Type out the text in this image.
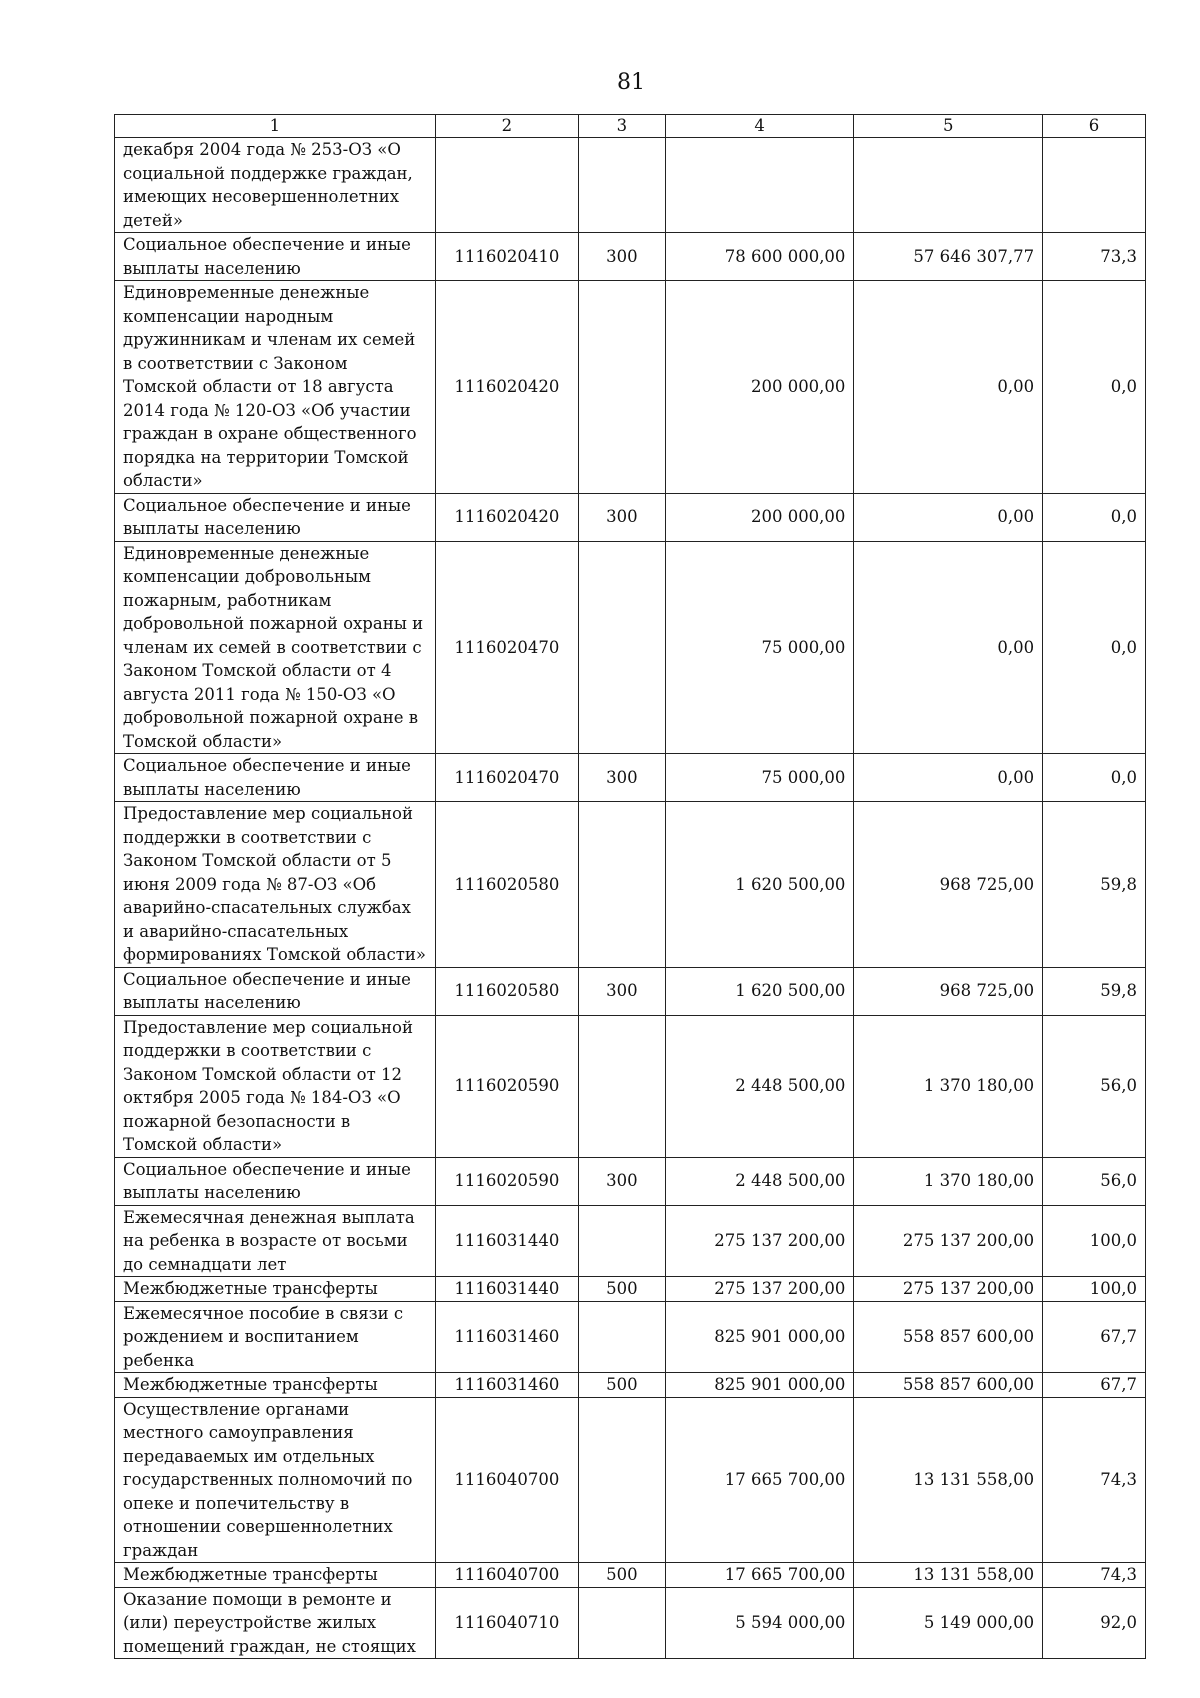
81
1	2	3	4	5	6
декабря 2004 года № 253-ОЗ «О социальной поддержке граждан, имеющих несовершеннолетних детей»					
Социальное обеспечение и иные выплаты населению	1116020410	300	78 600 000,00	57 646 307,77	73,3
Единовременные денежные компенсации народным дружинникам и членам их семей в соответствии с Законом Томской области от 18 августа 2014 года № 120-ОЗ «Об участии граждан в охране общественного порядка на территории Томской области»	1116020420		200 000,00	0,00	0,0
Социальное обеспечение и иные выплаты населению	1116020420	300	200 000,00	0,00	0,0
Единовременные денежные компенсации добровольным пожарным, работникам добровольной пожарной охраны и членам их семей в соответствии с Законом Томской области от 4 августа 2011 года № 150-ОЗ «О добровольной пожарной охране в Томской области»	1116020470		75 000,00	0,00	0,0
Социальное обеспечение и иные выплаты населению	1116020470	300	75 000,00	0,00	0,0
Предоставление мер социальной поддержки в соответствии с Законом Томской области от 5 июня 2009 года № 87-ОЗ «Об аварийно-спасательных службах и аварийно-спасательных формированиях Томской области»	1116020580		1 620 500,00	968 725,00	59,8
Социальное обеспечение и иные выплаты населению	1116020580	300	1 620 500,00	968 725,00	59,8
Предоставление мер социальной поддержки в соответствии с Законом Томской области от 12 октября 2005 года № 184-ОЗ «О пожарной безопасности в Томской области»	1116020590		2 448 500,00	1 370 180,00	56,0
Социальное обеспечение и иные выплаты населению	1116020590	300	2 448 500,00	1 370 180,00	56,0
Ежемесячная денежная выплата на ребенка в возрасте от восьми до семнадцати лет	1116031440		275 137 200,00	275 137 200,00	100,0
Межбюджетные трансферты	1116031440	500	275 137 200,00	275 137 200,00	100,0
Ежемесячное пособие в связи с рождением и воспитанием ребенка	1116031460		825 901 000,00	558 857 600,00	67,7
Межбюджетные трансферты	1116031460	500	825 901 000,00	558 857 600,00	67,7
Осуществление органами местного самоуправления передаваемых им отдельных государственных полномочий по опеке и попечительству в отношении совершеннолетних граждан	1116040700		17 665 700,00	13 131 558,00	74,3
Межбюджетные трансферты	1116040700	500	17 665 700,00	13 131 558,00	74,3
Оказание помощи в ремонте и (или) переустройстве жилых помещений граждан, не стоящих	1116040710		5 594 000,00	5 149 000,00	92,0
